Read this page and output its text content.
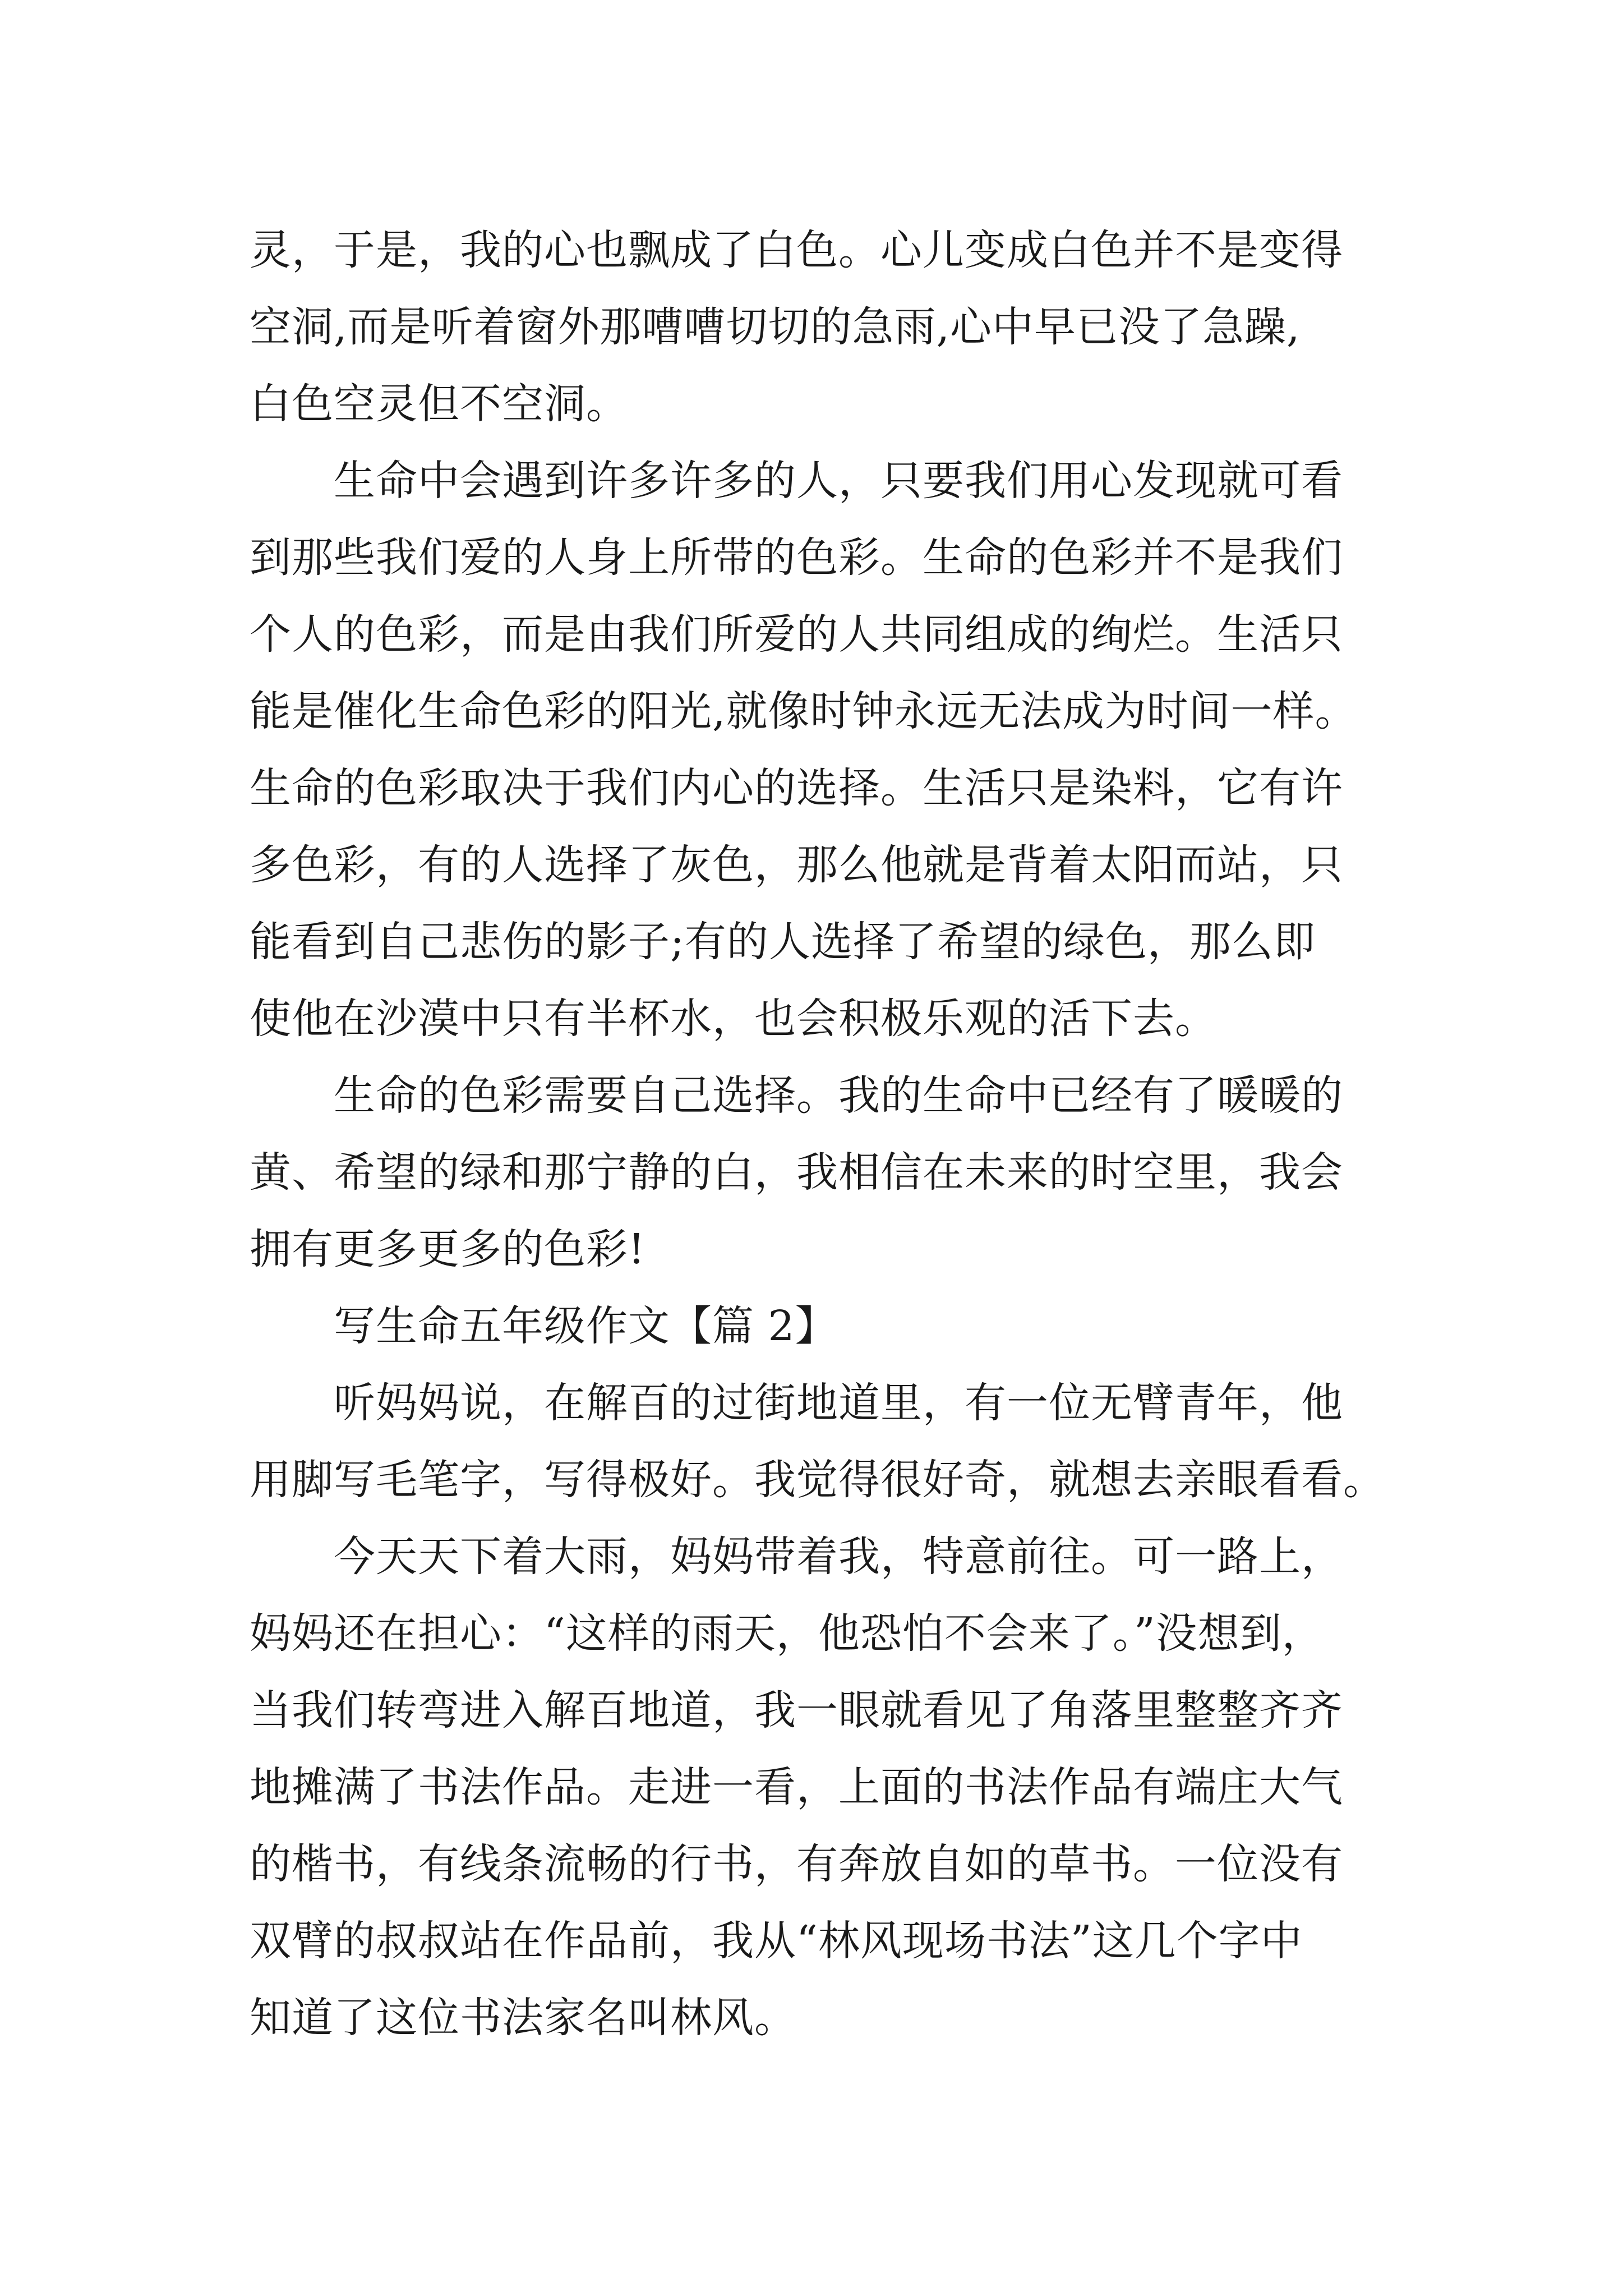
灵，于是，我的心也飘成了白色。心儿变成白色并不是变得
空洞,而是听着窗外那嘈嘈切切的急雨,心中早已没了急躁,
白色空灵但不空洞。
生命中会遇到许多许多的人，只要我们用心发现就可看
到那些我们爱的人身上所带的色彩。生命的色彩并不是我们
个人的色彩，而是由我们所爱的人共同组成的绚烂。生活只
能是催化生命色彩的阳光,就像时钟永远无法成为时间一样。
生命的色彩取决于我们内心的选择。生活只是染料，它有许
多色彩，有的人选择了灰色，那么他就是背着太阳而站，只
能看到自己悲伤的影子;有的人选择了希望的绿色，那么即
使他在沙漠中只有半杯水，也会积极乐观的活下去。
生命的色彩需要自己选择。我的生命中已经有了暖暖的
黄、希望的绿和那宁静的白，我相信在未来的时空里，我会
拥有更多更多的色彩!
写生命五年级作文【篇 2】
听妈妈说，在解百的过街地道里，有一位无臂青年，他
用脚写毛笔字，写得极好。我觉得很好奇，就想去亲眼看看。
今天天下着大雨，妈妈带着我，特意前往。可一路上，
妈妈还在担心：“这样的雨天，他恐怕不会来了。”没想到，
当我们转弯进入解百地道，我一眼就看见了角落里整整齐齐
地摊满了书法作品。走进一看，上面的书法作品有端庄大气
的楷书，有线条流畅的行书，有奔放自如的草书。一位没有
双臂的叔叔站在作品前，我从“林风现场书法”这几个字中
知道了这位书法家名叫林风。
